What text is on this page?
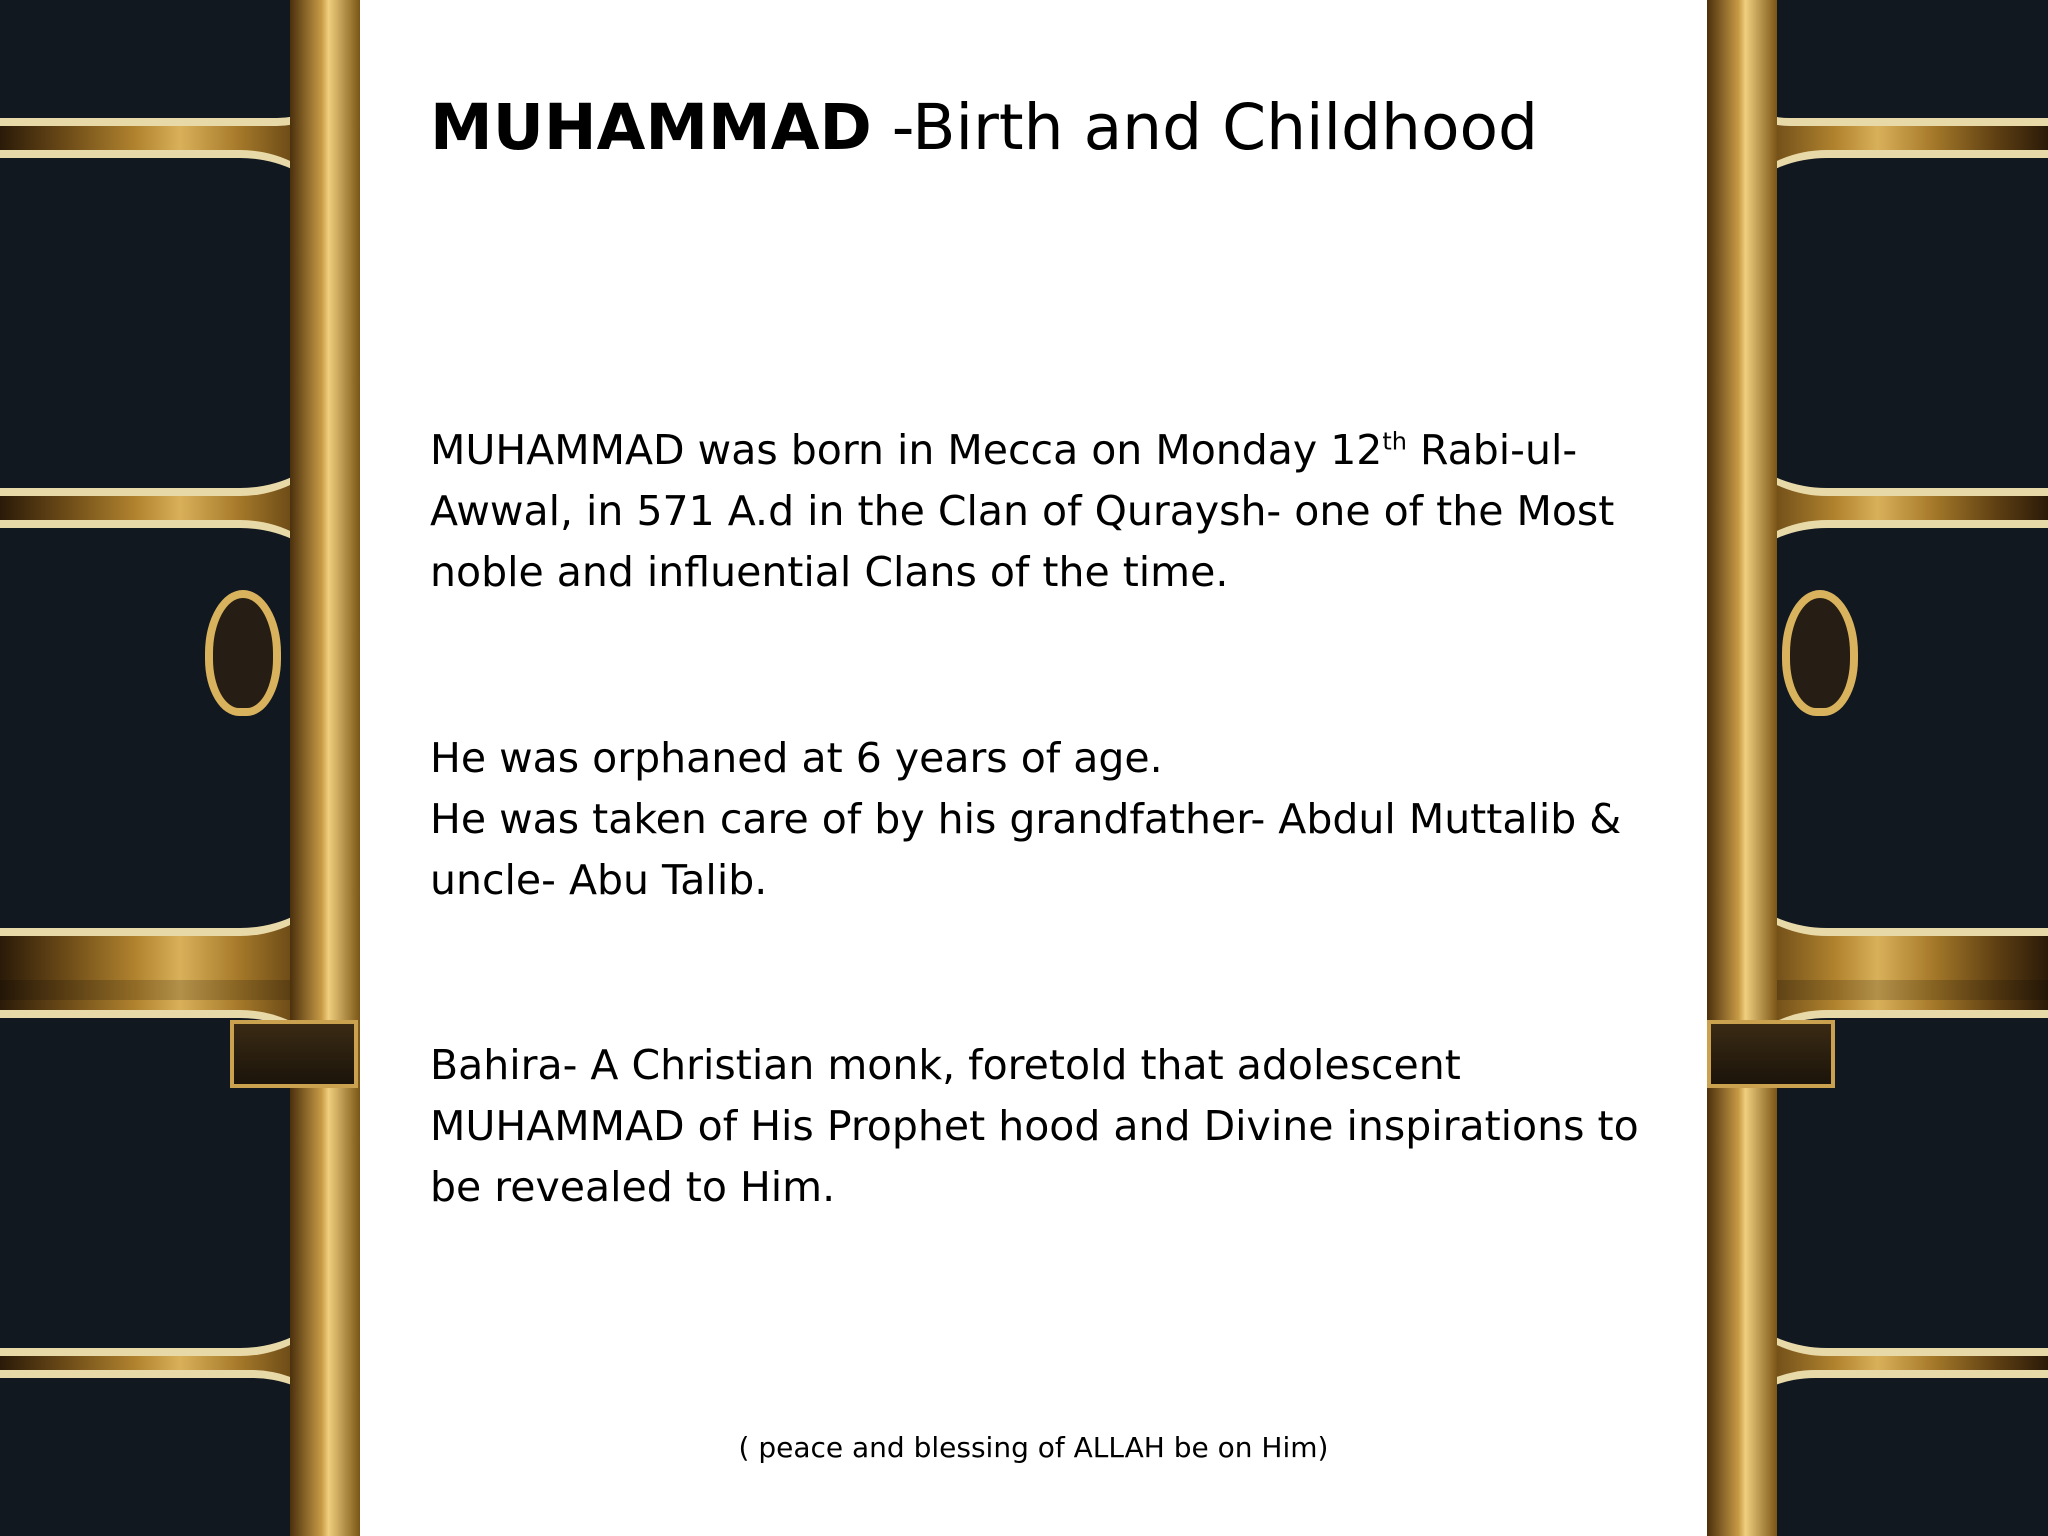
MUHAMMAD -Birth and Childhood
MUHAMMAD was born in Mecca on Monday 12th Rabi-ul-Awwal, in 571 A.d in the Clan of Quraysh- one of the Most noble and influential Clans of the time.
He was orphaned at 6 years of age.
He was taken care of by his grandfather- Abdul Muttalib & uncle- Abu Talib.
Bahira- A Christian monk, foretold that adolescent MUHAMMAD of His Prophet hood and Divine inspirations to be revealed to Him.
( peace and blessing of ALLAH be on Him)
